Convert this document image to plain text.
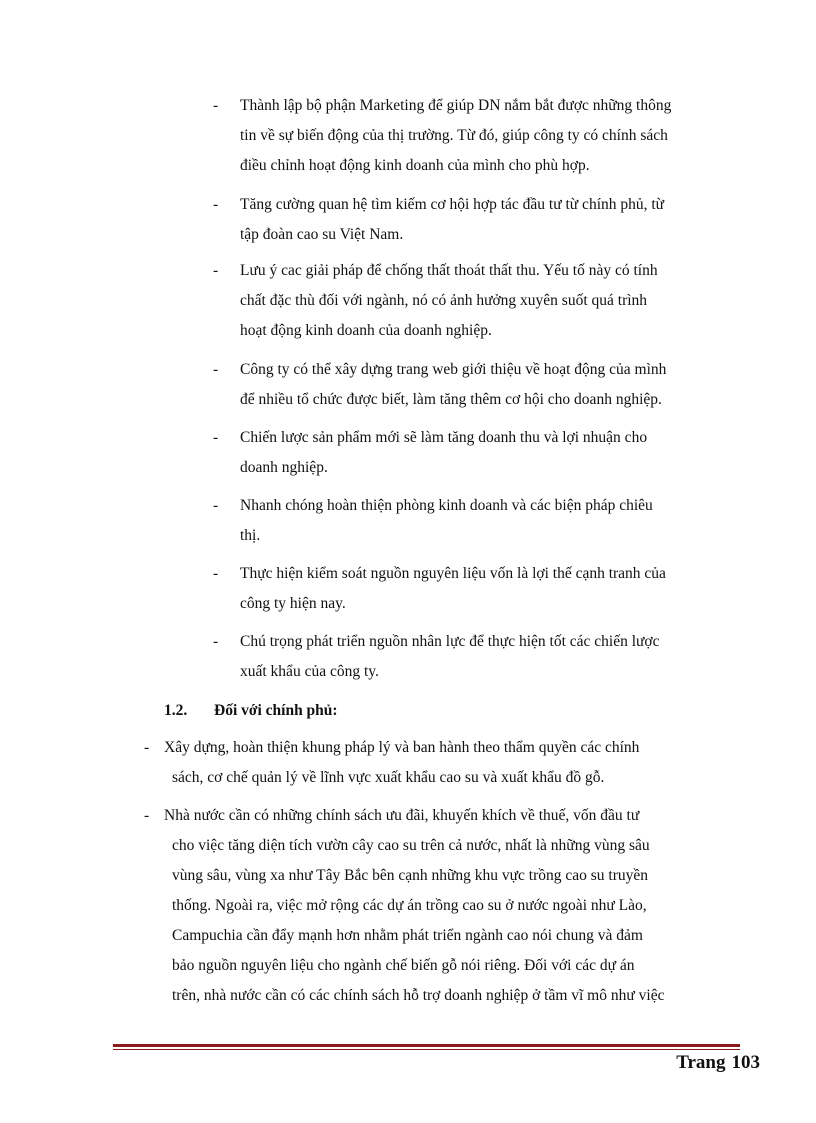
- Thành lập bộ phận Marketing để giúp DN nắm bắt được những thông
tin về sự biến động của thị trường. Từ đó, giúp công ty có chính sách
điều chỉnh hoạt động kinh doanh của mình cho phù hợp.
- Tăng cường quan hệ tìm kiếm cơ hội hợp tác đầu tư từ chính phủ, từ
tập đoàn cao su Việt Nam.
- Lưu ý cac giải pháp để chống thất thoát thất thu. Yếu tố này có tính
chất đặc thù đối với ngành, nó có ảnh hưởng xuyên suốt quá trình
hoạt động kinh doanh của doanh nghiệp.
- Công ty có thể xây dựng trang web giới thiệu về hoạt động của mình
để nhiều tổ chức được biết, làm tăng thêm cơ hội cho doanh nghiệp.
- Chiến lược sản phẩm mới sẽ làm tăng doanh thu và lợi nhuận cho
doanh nghiệp.
- Nhanh chóng hoàn thiện phòng kinh doanh và các biện pháp chiêu
thị.
- Thực hiện kiểm soát nguồn nguyên liệu vốn là lợi thế cạnh tranh của
công ty hiện nay.
- Chú trọng phát triển nguồn nhân lực để thực hiện tốt các chiến lược
xuất khẩu của công ty.
1.2. Đối với chính phủ:
- Xây dựng, hoàn thiện khung pháp lý và ban hành theo thẩm quyền các chính
sách, cơ chế quản lý về lĩnh vực xuất khẩu cao su và xuất khẩu đồ gỗ.
- Nhà nước cần có những chính sách ưu đãi, khuyến khích về thuế, vốn đầu tư
cho việc tăng diện tích vườn cây cao su trên cả nước, nhất là những vùng sâu
vùng sâu, vùng xa như Tây Bắc bên cạnh những khu vực trồng cao su truyền
thống. Ngoài ra, việc mở rộng các dự án trồng cao su ở nước ngoài như Lào,
Campuchia cần đẩy mạnh hơn nhằm phát triển ngành cao nói chung và đảm
bảo nguồn nguyên liệu cho ngành chế biến gỗ nói riêng. Đối với các dự án
trên, nhà nước cần có các chính sách hỗ trợ doanh nghiệp ở tầm vĩ mô như việc
Trang 103
